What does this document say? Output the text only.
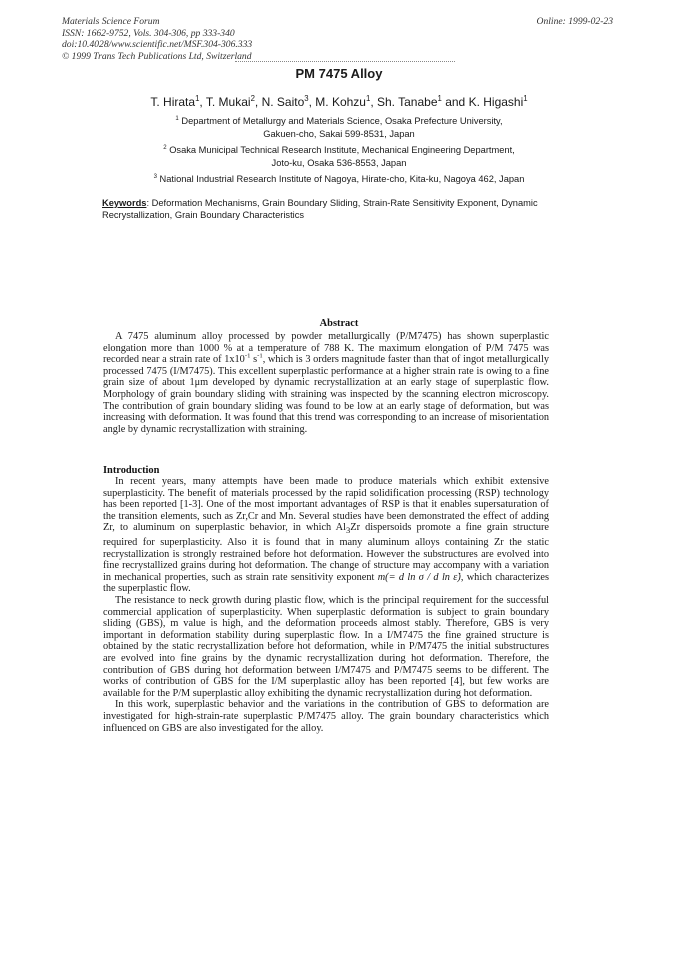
Materials Science Forum
ISSN: 1662-9752, Vols. 304-306, pp 333-340
doi:10.4028/www.scientific.net/MSF.304-306.333
© 1999 Trans Tech Publications Ltd, Switzerland
Online: 1999-02-23
PM 7475 Alloy
T. Hirata$^1$, T. Mukai$^2$, N. Saito$^3$, M. Kohzu$^1$, Sh. Tanabe$^1$ and K. Higashi$^1$
$^1$ Department of Metallurgy and Materials Science, Osaka Prefecture University,
Gakuen-cho, Sakai 599-8531, Japan
$^2$ Osaka Municipal Technical Research Institute, Mechanical Engineering Department,
Joto-ku, Osaka 536-8553, Japan
$^3$ National Industrial Research Institute of Nagoya, Hirate-cho, Kita-ku, Nagoya 462, Japan
Keywords: Deformation Mechanisms, Grain Boundary Sliding, Strain-Rate Sensitivity Exponent, Dynamic Recrystallization, Grain Boundary Characteristics
Abstract

A 7475 aluminum alloy processed by powder metallurgically (P/M7475) has shown superplastic elongation more than 1000 % at a temperature of 788 K. The maximum elongation of P/M 7475 was recorded near a strain rate of $1x10^{-1}$ $s^{-1}$, which is 3 orders magnitude faster than that of ingot metallurgically processed 7475 (I/M7475). This excellent superplastic performance at a higher strain rate is owing to a fine grain size of about 1μm developed by dynamic recrystallization at an early stage of superplastic flow. Morphology of grain boundary sliding with straining was inspected by the scanning electron microscopy. The contribution of grain boundary sliding was found to be low at an early stage of deformation, but was increasing with deformation. It was found that this trend was corresponding to an increase of misorientation angle by dynamic recrystallization with straining.

Introduction

In recent years, many attempts have been made to produce materials which exhibit extensive superplasticity. The benefit of materials processed by the rapid solidification processing (RSP) technology has been reported [1-3]. One of the most important advantages of RSP is that it enables supersaturation of the transition elements, such as Zr,Cr and Mn. Several studies have been demonstrated the effect of adding Zr, to aluminum on superplastic behavior, in which $Al_3Zr$ dispersoids promote a fine grain structure required for superplasticity. Also it is found that in many aluminum alloys containing Zr the static recrystallization is strongly restrained before hot deformation. However the substructures are evolved into fine recrystallized grains during hot deformation. The change of structure may accompany with a variation in mechanical properties, such as strain rate sensitivity exponent m(= d ln σ / d ln ε̇), which characterizes the superplastic flow.

The resistance to neck growth during plastic flow, which is the principal requirement for the successful commercial application of superplasticity. When superplastic deformation is subject to grain boundary sliding (GBS), m value is high, and the deformation proceeds almost stably. Therefore, GBS is very important in deformation stability during superplastic flow. In a I/M7475 the fine grained structure is obtained by the static recrystallization before hot deformation, while in P/M7475 the initial substructures are evolved into fine grains by the dynamic recrystallization during hot deformation. Therefore, the contribution of GBS during hot deformation between I/M7475 and P/M7475 seems to be different. The works of contribution of GBS for the I/M superplastic alloy has been reported [4], but few works are available for the P/M superplastic alloy exhibiting the dynamic recrystallization during hot deformation.

In this work, superplastic behavior and the variations in the contribution of GBS to deformation are investigated for high-strain-rate superplastic P/M7475 alloy. The grain boundary characteristics which influenced on GBS are also investigated for the alloy.
